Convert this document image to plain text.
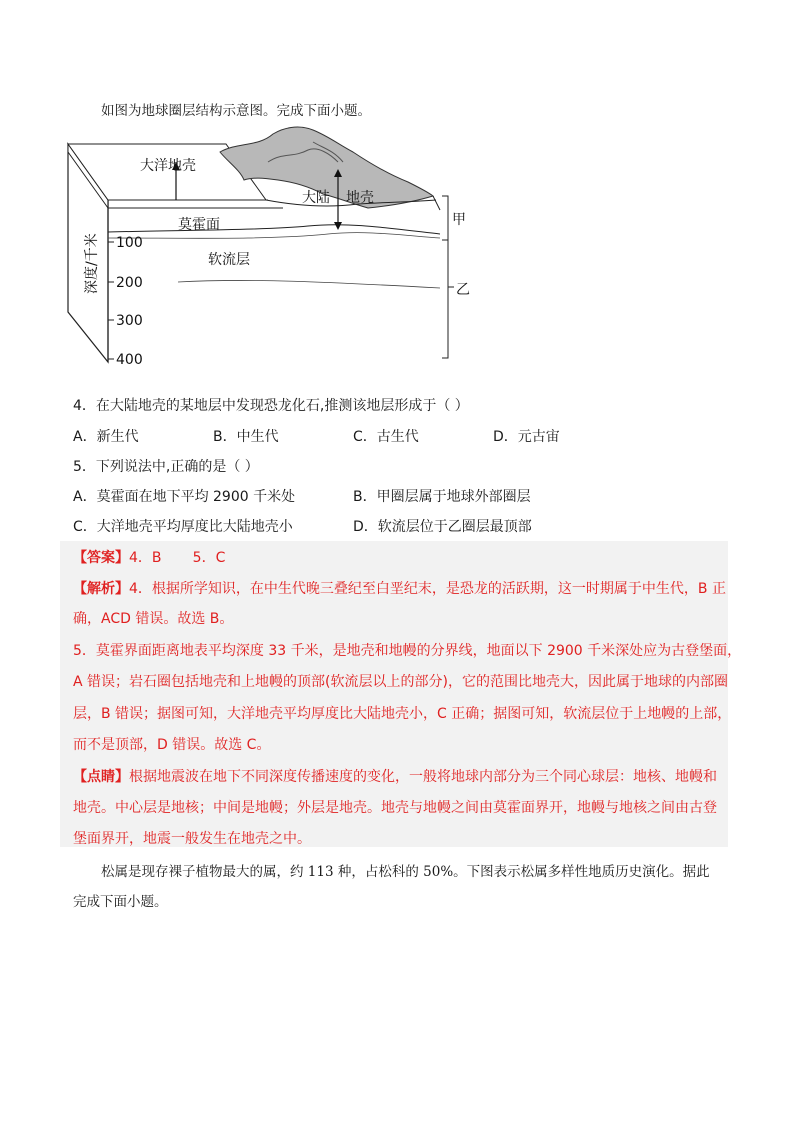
如图为地球圈层结构示意图。完成下面小题。
大洋地壳
大陆 地壳
莫霍面
软流层
100
200
300
400
深度/千米
甲
乙
4．在大陆地壳的某地层中发现恐龙化石,推测该地层形成于（ ）
A．新生代	B．中生代	C．古生代	D．元古宙
5．下列说法中,正确的是（ ）
A．莫霍面在地下平均 2900 千米处	B．甲圈层属于地球外部圈层
C．大洋地壳平均厚度比大陆地壳小	D．软流层位于乙圈层最顶部
【答案】4．B       5．C
【解析】4．根据所学知识，在中生代晚三叠纪至白垩纪末，是恐龙的活跃期，这一时期属于中生代，B 正
确，ACD 错误。故选 B。
5．莫霍界面距离地表平均深度 33 千米，是地壳和地幔的分界线，地面以下 2900 千米深处应为古登堡面，
A 错误；岩石圈包括地壳和上地幔的顶部(软流层以上的部分)，它的范围比地壳大，因此属于地球的内部圈
层，B 错误；据图可知，大洋地壳平均厚度比大陆地壳小，C 正确；据图可知，软流层位于上地幔的上部，
而不是顶部，D 错误。故选 C。
【点睛】根据地震波在地下不同深度传播速度的变化，一般将地球内部分为三个同心球层：地核、地幔和
地壳。中心层是地核；中间是地幔；外层是地壳。地壳与地幔之间由莫霍面界开，地幔与地核之间由古登
堡面界开，地震一般发生在地壳之中。
松属是现存裸子植物最大的属，约 113 种，占松科的 50%。下图表示松属多样性地质历史演化。据此
完成下面小题。
